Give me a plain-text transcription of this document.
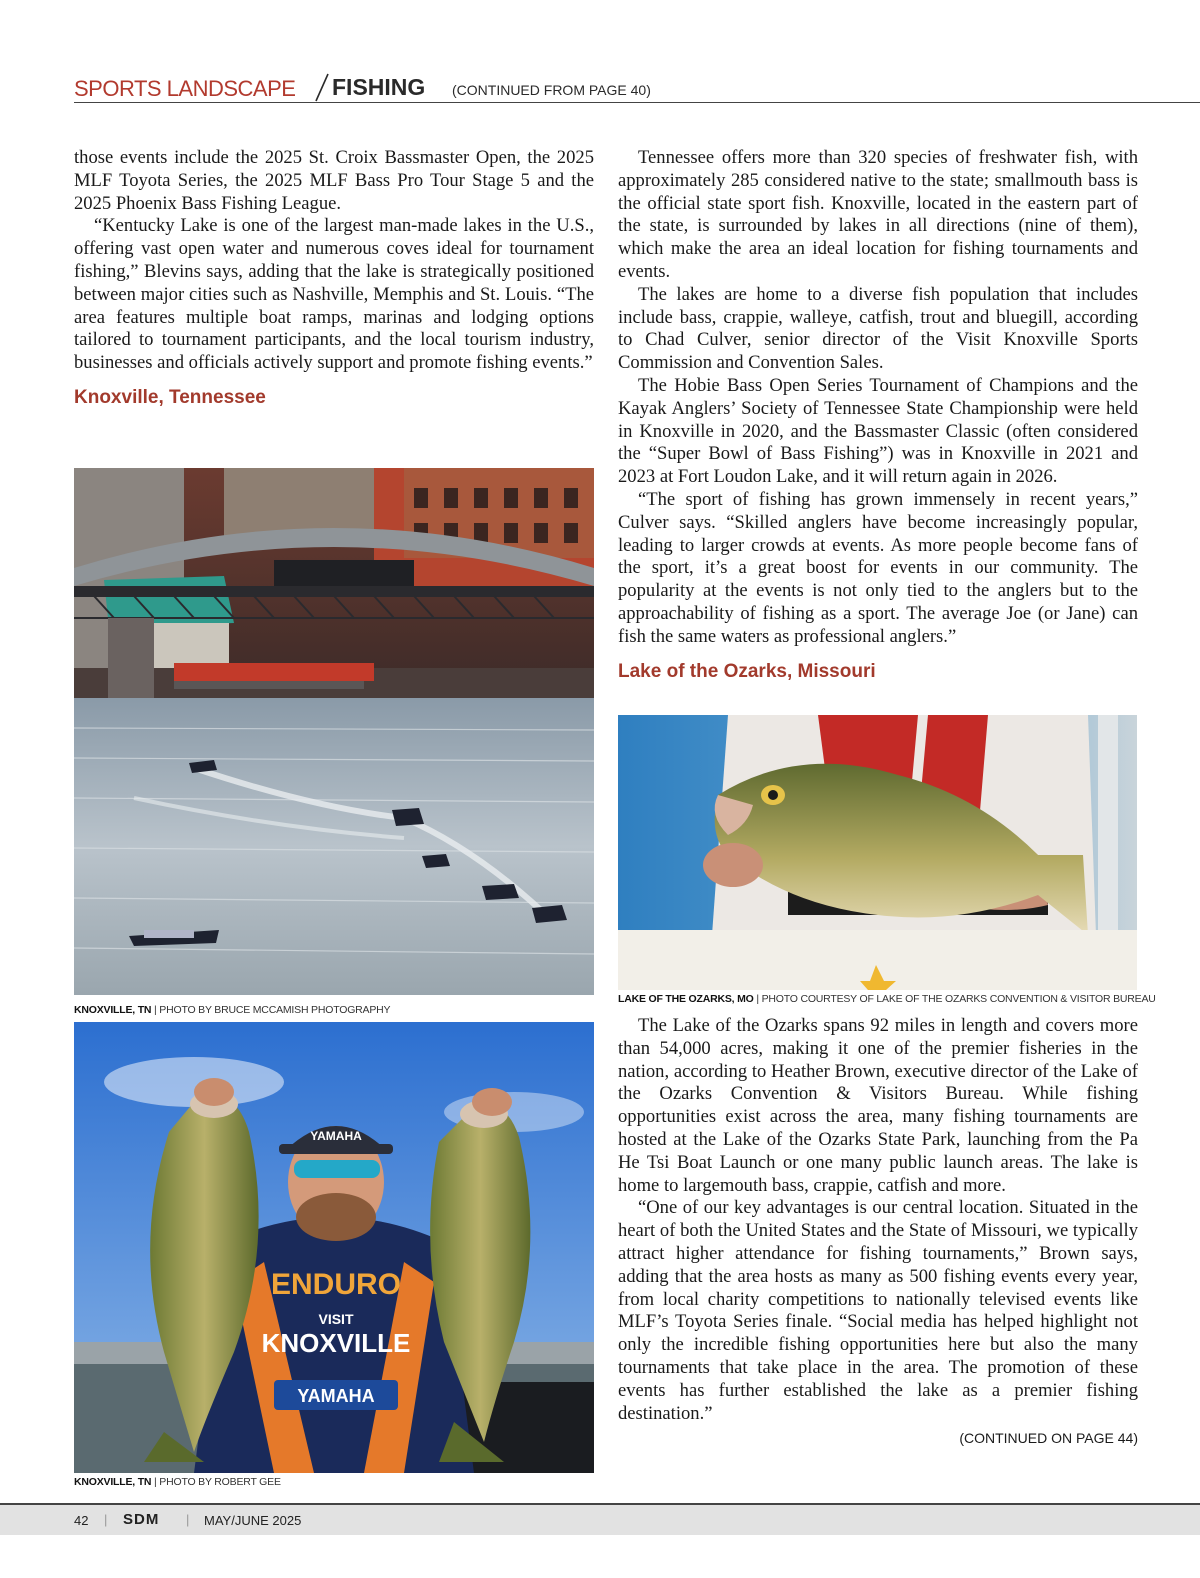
SPORTS LANDSCAPE FISHING (CONTINUED FROM PAGE 40)

those events include the 2025 St. Croix Bassmaster Open, the 2025 MLF Toyota Series, the 2025 MLF Bass Pro Tour Stage 5 and the 2025 Phoenix Bass Fishing League.

“Kentucky Lake is one of the largest man-made lakes in the U.S., offering vast open water and numerous coves ideal for tournament fishing,” Blevins says, adding that the lake is strategically positioned between major cities such as Nashville, Memphis and St. Louis. “The area features multiple boat ramps, marinas and lodging options tailored to tournament participants, and the local tourism industry, businesses and officials actively support and promote fishing events.”

Knoxville, Tennessee
KNOXVILLE, TN | PHOTO BY BRUCE MCCAMISH PHOTOGRAPHY
YAMAHA
ENDURO
VISIT
KNOXVILLE
YAMAHA
KNOXVILLE, TN | PHOTO BY ROBERT GEE

Tennessee offers more than 320 species of freshwater fish, with approximately 285 considered native to the state; smallmouth bass is the official state sport fish. Knoxville, located in the eastern part of the state, is surrounded by lakes in all directions (nine of them), which make the area an ideal location for fishing tournaments and events.

The lakes are home to a diverse fish population that includes include bass, crappie, walleye, catfish, trout and bluegill, according to Chad Culver, senior director of the Visit Knoxville Sports Commission and Convention Sales.

The Hobie Bass Open Series Tournament of Champions and the Kayak Anglers’ Society of Tennessee State Championship were held in Knoxville in 2020, and the Bassmaster Classic (often considered the “Super Bowl of Bass Fishing”) was in Knoxville in 2021 and 2023 at Fort Loudon Lake, and it will return again in 2026.

“The sport of fishing has grown immensely in recent years,” Culver says. “Skilled anglers have become increasingly popular, leading to larger crowds at events. As more people become fans of the sport, it’s a great boost for events in our community. The popularity at the events is not only tied to the anglers but to the approachability of fishing as a sport. The average Joe (or Jane) can fish the same waters as professional anglers.”

Lake of the Ozarks, Missouri
LAKE OF THE OZARKS, MO | PHOTO COURTESY OF LAKE OF THE OZARKS CONVENTION & VISITOR BUREAU

The Lake of the Ozarks spans 92 miles in length and covers more than 54,000 acres, making it one of the premier fisheries in the nation, according to Heather Brown, executive director of the Lake of the Ozarks Convention & Visitors Bureau. While fishing opportunities exist across the area, many fishing tournaments are hosted at the Lake of the Ozarks State Park, launching from the Pa He Tsi Boat Launch or one many public launch areas. The lake is home to largemouth bass, crappie, catfish and more.

“One of our key advantages is our central location. Situated in the heart of both the United States and the State of Missouri, we typically attract higher attendance for fishing tournaments,” Brown says, adding that the area hosts as many as 500 fishing events every year, from local charity competitions to nationally televised events like MLF’s Toyota Series finale. “Social media has helped highlight not only the incredible fishing opportunities here but also the many tournaments that take place in the area. The promotion of these events has further established the lake as a premier fishing destination.”

(CONTINUED ON PAGE 44)
42 | SDM | MAY/JUNE 2025
